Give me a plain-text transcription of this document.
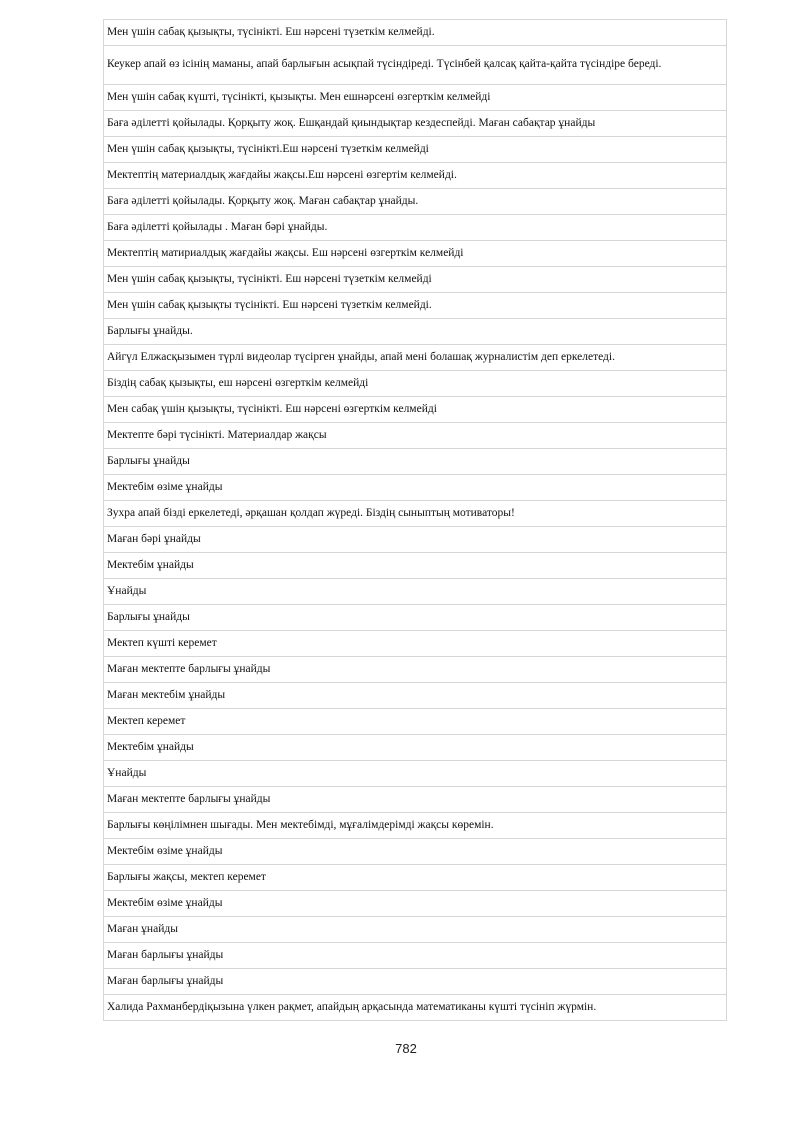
Мен үшін сабақ қызықты, түсінікті. Еш нәрсені түзеткім келмейді.
Кеукер апай өз ісінің маманы, апай барлығын асықпай түсіндіреді. Түсінбей қалсақ қайта-қайта түсіндіре береді.
Мен үшін сабақ күшті, түсінікті, қызықты. Мен ешнәрсені өзгерткім келмейді
Баға әділетті қойылады. Қорқыту жоқ. Ешқандай қиындықтар кездеспейді. Маған сабақтар ұнайды
Мен үшін сабақ қызықты, түсінікті.Еш нәрсені түзеткім келмейді
Мектептің материалдық жағдайы жақсы.Еш нәрсені өзгертім келмейді.
Баға әділетті қойылады. Қорқыту жоқ. Маған сабақтар ұнайды.
Баға әділетті қойылады . Маған бәрі ұнайды.
Мектептің матириалдық жағдайы жақсы. Еш нәрсені өзгерткім келмейді
Мен үшін сабақ қызықты, түсінікті. Еш нәрсені түзеткім келмейді
Мен үшін сабақ қызықты түсінікті. Еш нәрсені түзеткім келмейді.
Барлығы ұнайды.
Айгүл Елжасқызымен түрлі видеолар түсірген ұнайды, апай мені болашақ журналистім деп еркелетеді.
Біздің сабақ қызықты, еш нәрсені өзгерткім келмейді
Мен сабақ үшін қызықты, түсінікті. Еш нәрсені өзгерткім келмейді
Мектепте бәрі түсінікті. Материалдар жақсы
Барлығы ұнайды
Мектебім өзіме ұнайды
Зухра апай бізді еркелетеді, әрқашан қолдап жүреді. Біздің сыныптың мотиваторы!
Маған бәрі ұнайды
Мектебім ұнайды
Ұнайды
Барлығы ұнайды
Мектеп күшті керемет
Маған мектепте барлығы ұнайды
Маған мектебім ұнайды
Мектеп керемет
Мектебім ұнайды
Ұнайды
Маған мектепте барлығы ұнайды
Барлығы көңілімнен шығады. Мен мектебімді, мұғалімдерімді жақсы көремін.
Мектебім өзіме ұнайды
Барлығы жақсы, мектеп керемет
Мектебім өзіме ұнайды
Маған ұнайды
Маған барлығы ұнайды
Маған барлығы ұнайды
Халида Рахманбердіқызына үлкен рақмет, апайдың арқасында математиканы күшті түсініп жүрмін.
782
